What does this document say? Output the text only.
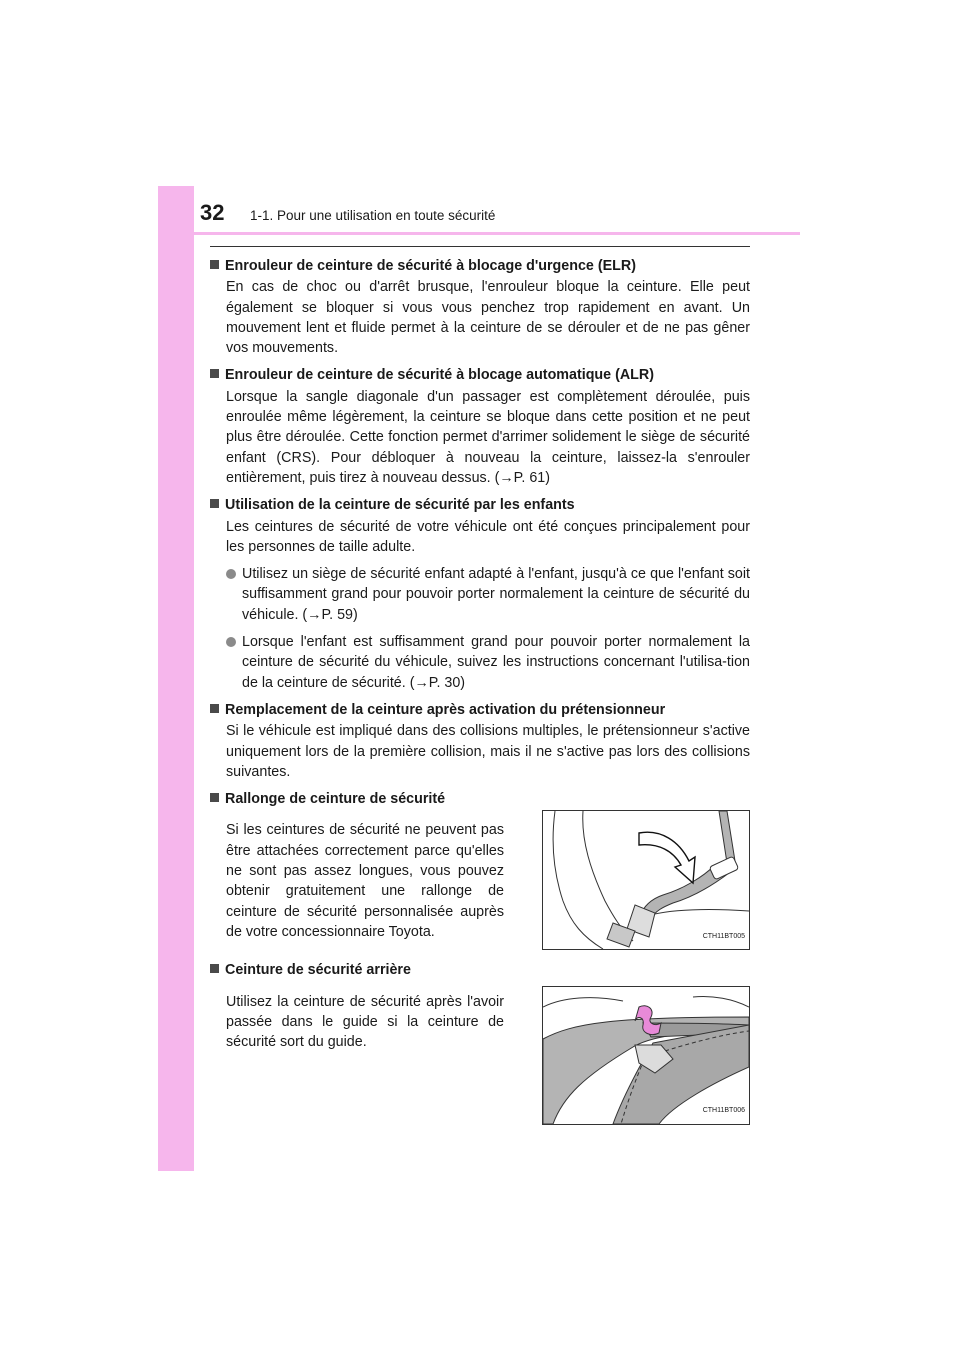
32 1-1. Pour une utilisation en toute sécurité
Enrouleur de ceinture de sécurité à blocage d'urgence (ELR)

En cas de choc ou d'arrêt brusque, l'enrouleur bloque la ceinture. Elle peut également se bloquer si vous vous penchez trop rapidement en avant. Un mouvement lent et fluide permet à la ceinture de se dérouler et de ne pas gêner vos mouvements.

Enrouleur de ceinture de sécurité à blocage automatique (ALR)

Lorsque la sangle diagonale d'un passager est complètement déroulée, puis enroulée même légèrement, la ceinture se bloque dans cette position et ne peut plus être déroulée. Cette fonction permet d'arrimer solidement le siège de sécurité enfant (CRS). Pour débloquer à nouveau la ceinture, laissez-la s'enrouler entièrement, puis tirez à nouveau dessus. (→P. 61)

Utilisation de la ceinture de sécurité par les enfants

Les ceintures de sécurité de votre véhicule ont été conçues principalement pour les personnes de taille adulte.

Utilisez un siège de sécurité enfant adapté à l'enfant, jusqu'à ce que l'enfant soit suffisamment grand pour pouvoir porter normalement la ceinture de sécurité du véhicule. (→P. 59)
Lorsque l'enfant est suffisamment grand pour pouvoir porter normalement la ceinture de sécurité du véhicule, suivez les instructions concernant l'utilisa-tion de la ceinture de sécurité. (→P. 30)
Remplacement de la ceinture après activation du prétensionneur

Si le véhicule est impliqué dans des collisions multiples, le prétensionneur s'active uniquement lors de la première collision, mais il ne s'active pas lors des collisions suivantes.

Rallonge de ceinture de sécurité

Si les ceintures de sécurité ne peuvent pas être attachées correctement parce qu'elles ne sont pas assez longues, vous pouvez obtenir gratuitement une rallonge de ceinture de sécurité personnalisée auprès de votre concessionnaire Toyota.	CTH11BT005
Ceinture de sécurité arrière

Utilisez la ceinture de sécurité après l'avoir passée dans le guide si la ceinture de sécurité sort du guide.

CTH11BT006
